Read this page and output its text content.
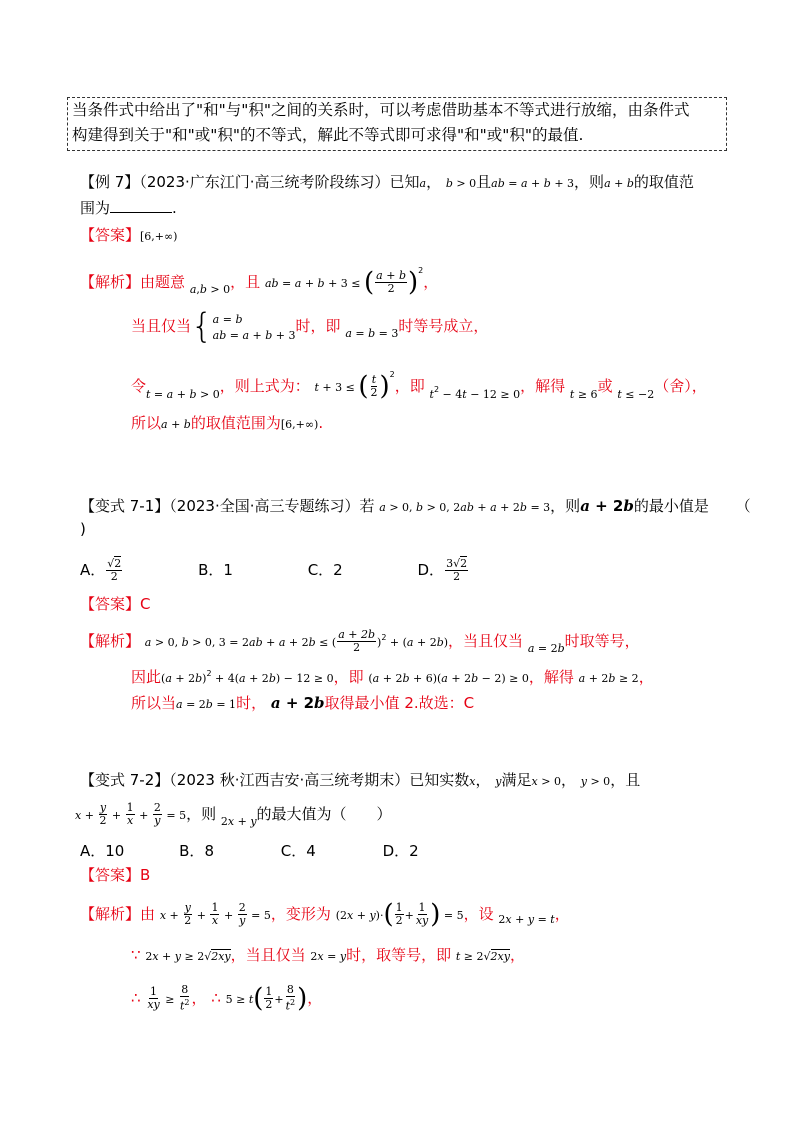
当条件式中给出了"和"与"积"之间的关系时，可以考虑借助基本不等式进行放缩，由条件式
构建得到关于"和"或"积"的不等式，解此不等式即可求得"和"或"积"的最值.
【例 7】（2023·广东江门·高三统考阶段练习）已知a， b > 0且ab = a + b + 3，则a + b的取值范
围为	.
【答案】[6,+∞)
【解析】由题意 $_{a,b}$ $_{> 0}$，且 ab = a + b + 3 ≤ ( $\frac{a + b}{2} )^2$，
当且仅当{ a = b
ab = a + b + 3 时，即 a = b = 3时等号成立，
令t = a + b > 0，则上式为： t + 3 ≤ ( $\frac{t}{2} )^2$，即 $t^2 - 4t - 12 \ge 0$，解得 t ≥ 6或 t ≤ −2（舍），
所以a + b的取值范围为[6,+∞).
【变式 7-1】（2023·全国·高三专题练习）若 a > 0, b > 0, 2ab + a + 2b = 3，则a + 2b的最小值是 （
)
A． $\frac{√2}{2}$	B．1	C．2	D． $\frac{3√2}{2}$
【答案】C
【解析】 a > 0, b > 0, 3 = 2ab + a + 2b ≤ ( $\frac{a + 2b}{2} )^2 + (a + 2b)$，当且仅当 a = 2b时取等号，
因此$(a + 2b)^2 + 4(a + 2b) - 12 \ge 0$，即 (a + 2b + 6)(a + 2b − 2) ≥ 0，解得 a + 2b ≥ 2，
所以当a = 2b = 1时， a + 2b取得最小值 2.故选：C
【变式 7-2】（2023 秋·江西吉安·高三统考期末）已知实数x， y满足x > 0， y > 0，且
$x + \frac{y}{2} + \frac{1}{x} + \frac{2}{y} = 5$，则 2x + y的最大值为（　　）
A．10	B．8	C．4	D．2
【答案】B
【解析】由 $x + \frac{y}{2} + \frac{1}{x} + \frac{2}{y} = 5$，变形为 $(2x + y)\cdot( \frac{1}{2} + \frac{1}{xy}$ ) = 5，设 2x + y = t，
∵ 2x + y ≥ 2√2xy，当且仅当 2x = y时，取等号，即 t ≥ 2√2xy，
∴ $\frac{1}{xy} \ge \frac{8}{t^2}$ ， ∴ $5 \ge t( \frac{1}{2} + \frac{8}{t^2}$ )，
